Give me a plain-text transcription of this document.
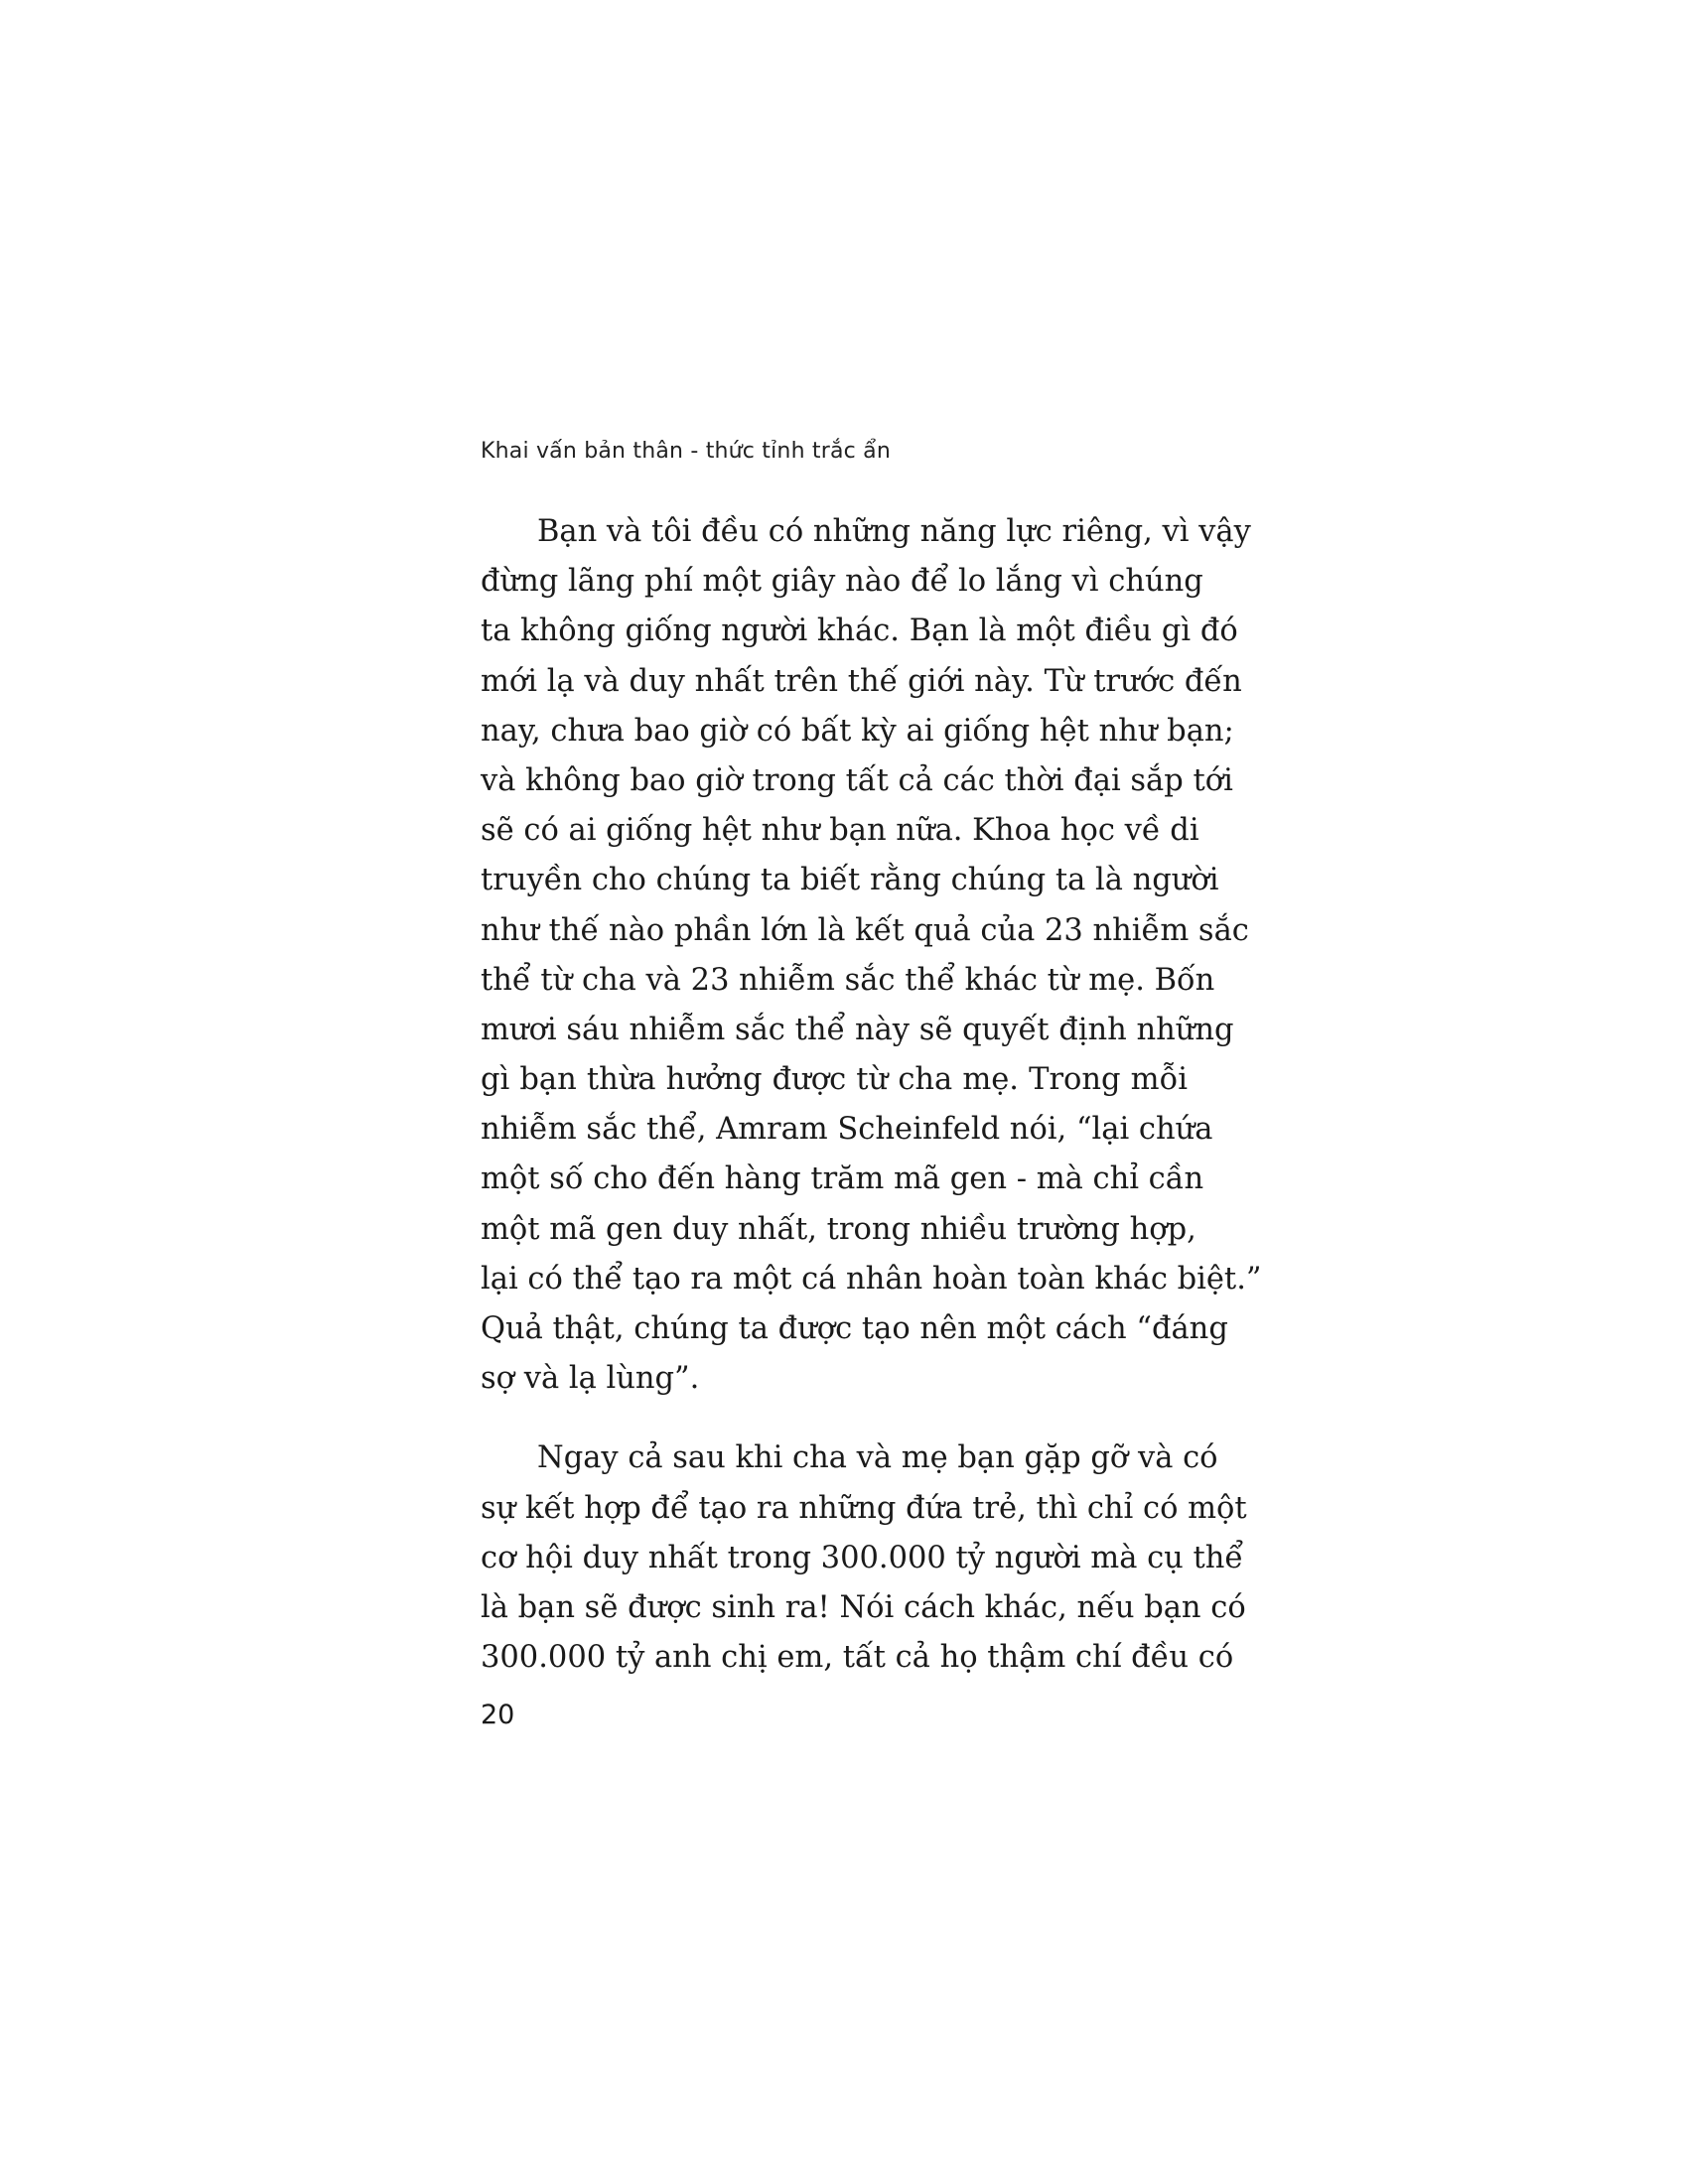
Khai vấn bản thân - thức tỉnh trắc ẩn
Bạn và tôi đều có những năng lực riêng, vì vậy
đừng lãng phí một giây nào để lo lắng vì chúng
ta không giống người khác. Bạn là một điều gì đó
mới lạ và duy nhất trên thế giới này. Từ trước đến
nay, chưa bao giờ có bất kỳ ai giống hệt như bạn;
và không bao giờ trong tất cả các thời đại sắp tới
sẽ có ai giống hệt như bạn nữa. Khoa học về di
truyền cho chúng ta biết rằng chúng ta là người
như thế nào phần lớn là kết quả của 23 nhiễm sắc
thể từ cha và 23 nhiễm sắc thể khác từ mẹ. Bốn
mươi sáu nhiễm sắc thể này sẽ quyết định những
gì bạn thừa hưởng được từ cha mẹ. Trong mỗi
nhiễm sắc thể, Amram Scheinfeld nói, “lại chứa
một số cho đến hàng trăm mã gen - mà chỉ cần
một mã gen duy nhất, trong nhiều trường hợp,
lại có thể tạo ra một cá nhân hoàn toàn khác biệt.”
Quả thật, chúng ta được tạo nên một cách “đáng
sợ và lạ lùng”.
Ngay cả sau khi cha và mẹ bạn gặp gỡ và có
sự kết hợp để tạo ra những đứa trẻ, thì chỉ có một
cơ hội duy nhất trong 300.000 tỷ người mà cụ thể
là bạn sẽ được sinh ra! Nói cách khác, nếu bạn có
300.000 tỷ anh chị em, tất cả họ thậm chí đều có
20
